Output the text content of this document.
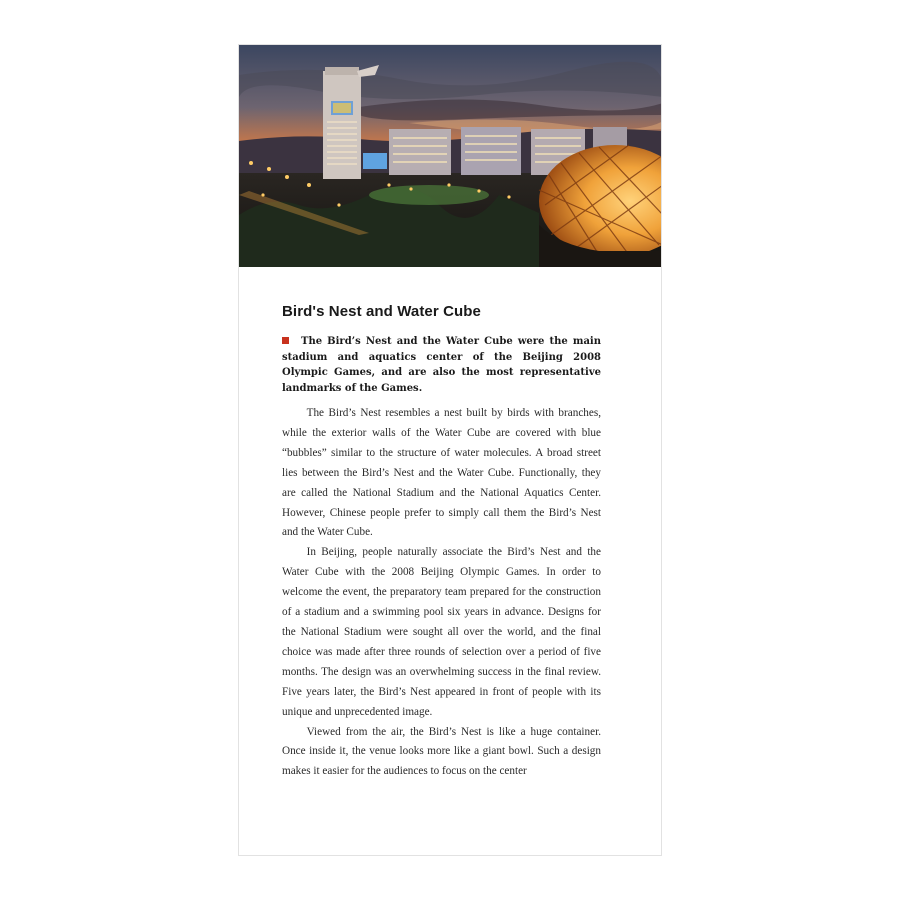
Bird's Nest and Water Cube

The Bird’s Nest and the Water Cube were the main stadium and aquatics center of the Beijing 2008 Olympic Games, and are also the most representative landmarks of the Games.

The Bird’s Nest resembles a nest built by birds with branches, while the exterior walls of the Water Cube are covered with blue “bubbles” similar to the structure of water molecules. A broad street lies between the Bird’s Nest and the Water Cube. Functionally, they are called the National Stadium and the National Aquatics Center. However, Chinese people prefer to simply call them the Bird’s Nest and the Water Cube.

In Beijing, people naturally associate the Bird’s Nest and the Water Cube with the 2008 Beijing Olympic Games. In order to welcome the event, the preparatory team prepared for the construction of a stadium and a swimming pool six years in advance. Designs for the National Stadium were sought all over the world, and the final choice was made after three rounds of selection over a period of five months. The design was an overwhelming success in the final review. Five years later, the Bird’s Nest appeared in front of people with its unique and unprecedented image.

Viewed from the air, the Bird’s Nest is like a huge container. Once inside it, the venue looks more like a giant bowl. Such a design makes it easier for the audiences to focus on the center
